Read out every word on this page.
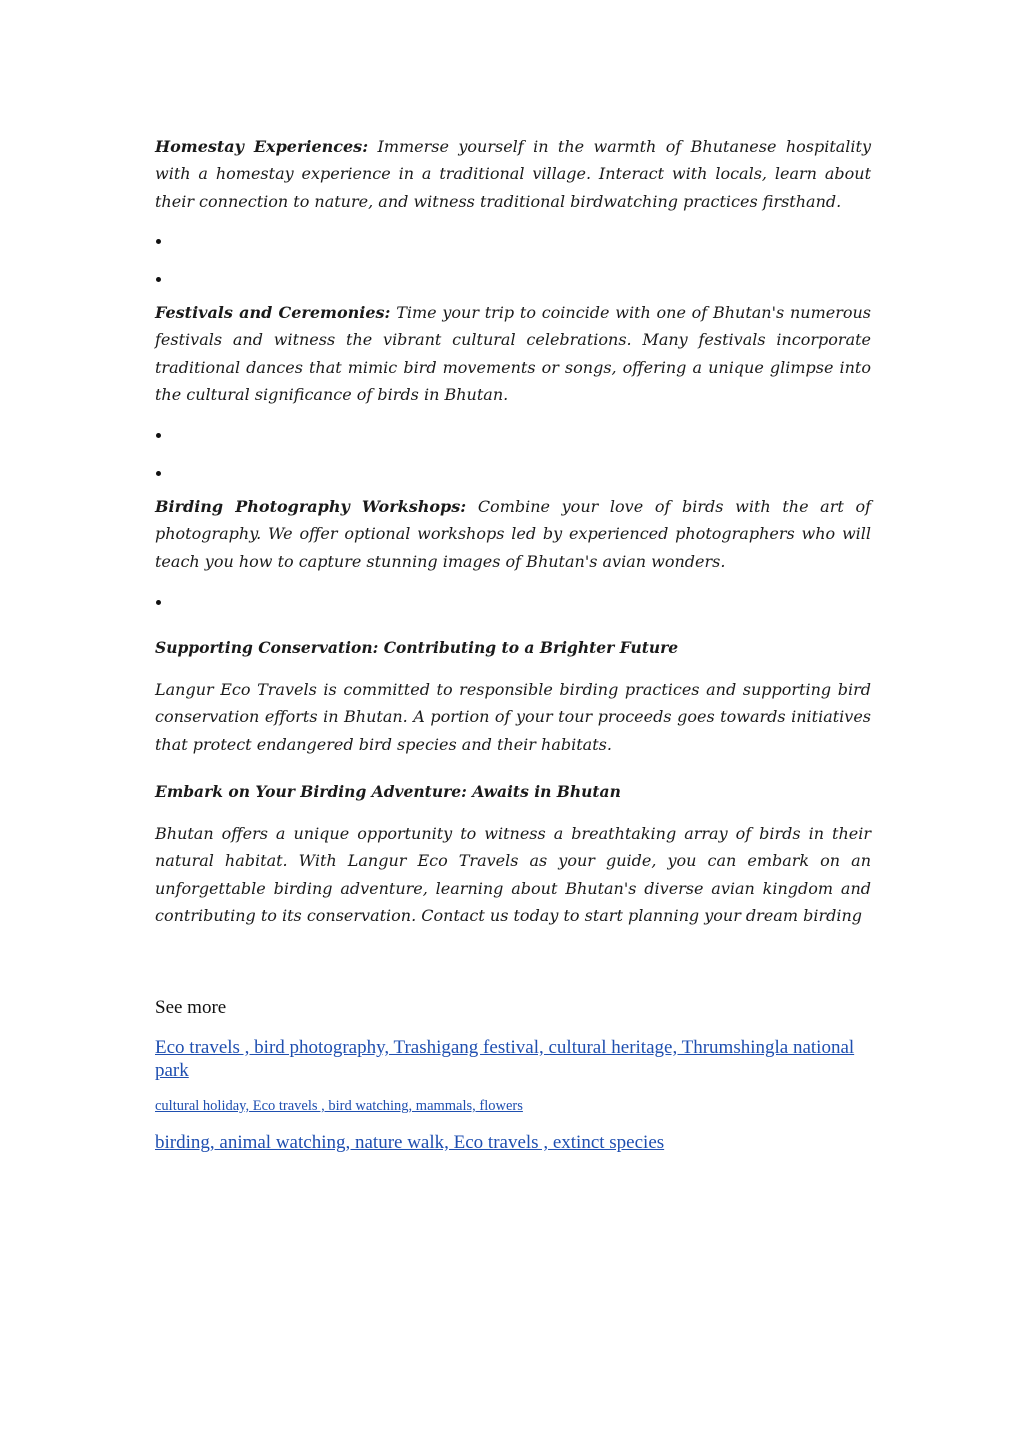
Homestay Experiences: Immerse yourself in the warmth of Bhutanese hospitality with a homestay experience in a traditional village. Interact with locals, learn about their connection to nature, and witness traditional birdwatching practices firsthand.

Festivals and Ceremonies: Time your trip to coincide with one of Bhutan's numerous festivals and witness the vibrant cultural celebrations. Many festivals incorporate traditional dances that mimic bird movements or songs, offering a unique glimpse into the cultural significance of birds in Bhutan.

Birding Photography Workshops: Combine your love of birds with the art of photography. We offer optional workshops led by experienced photographers who will teach you how to capture stunning images of Bhutan's avian wonders.

Supporting Conservation: Contributing to a Brighter Future

Langur Eco Travels is committed to responsible birding practices and supporting bird conservation efforts in Bhutan. A portion of your tour proceeds goes towards initiatives that protect endangered bird species and their habitats.

Embark on Your Birding Adventure: Awaits in Bhutan

Bhutan offers a unique opportunity to witness a breathtaking array of birds in their natural habitat. With Langur Eco Travels as your guide, you can embark on an unforgettable birding adventure, learning about Bhutan's diverse avian kingdom and contributing to its conservation. Contact us today to start planning your dream birding

See more

Eco travels , bird photography, Trashigang festival, cultural heritage, Thrumshingla national park

cultural holiday, Eco travels , bird watching, mammals, flowers

birding, animal watching, nature walk, Eco travels , extinct species
